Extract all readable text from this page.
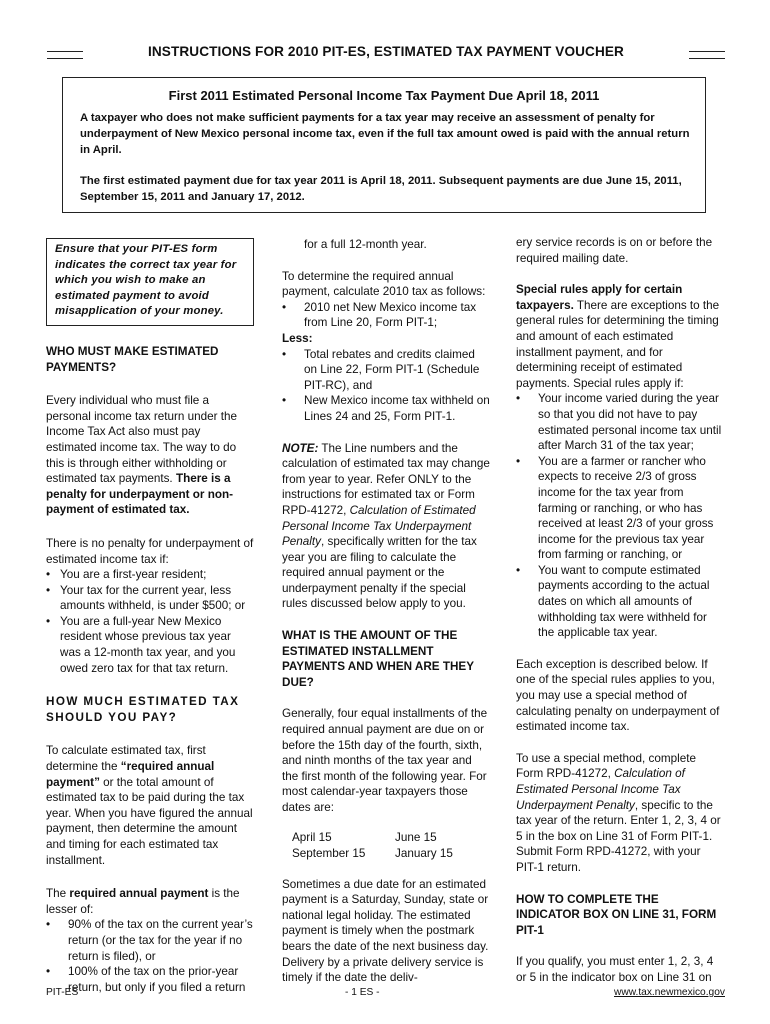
INSTRUCTIONS FOR 2010 PIT-ES, ESTIMATED TAX PAYMENT VOUCHER
First 2011 Estimated Personal Income Tax Payment Due April 18, 2011
A taxpayer who does not make sufficient payments for a tax year may receive an assessment of penalty for underpayment of New Mexico personal income tax, even if the full tax amount owed is paid with the annual return in April.
The first estimated payment due for tax year 2011 is April 18, 2011. Subsequent payments are due June 15, 2011, September 15, 2011 and January 17, 2012.
Ensure that your PIT-ES form indicates the correct tax year for which you wish to make an estimated payment to avoid misapplication of your money.

WHO MUST MAKE ESTIMATED PAYMENTS?

Every individual who must file a personal income tax return under the Income Tax Act also must pay estimated income tax. The way to do this is through either withholding or estimated tax payments. There is a penalty for underpayment or non-payment of estimated tax.

There is no penalty for underpayment of estimated income tax if:

• You are a first-year resident;
• Your tax for the current year, less amounts withheld, is under $500; or
• You are a full-year New Mexico resident whose previous tax year was a 12-month tax year, and you owed zero tax for that tax return.

HOW MUCH ESTIMATED TAX SHOULD YOU PAY?

To calculate estimated tax, first determine the “required annual payment” or the total amount of estimated tax to be paid during the tax year. When you have figured the annual payment, then determine the amount and timing for each estimated tax installment.

The required annual payment is the lesser of:

• 90% of the tax on the current year’s return (or the tax for the year if no return is filed), or
• 100% of the tax on the prior-year return, but only if you filed a return

for a full 12-month year.

To determine the required annual payment, calculate 2010 tax as follows:

• 2010 net New Mexico income tax from Line 20, Form PIT-1;

Less:

• Total rebates and credits claimed on Line 22, Form PIT-1 (Schedule PIT-RC), and
• New Mexico income tax withheld on Lines 24 and 25, Form PIT-1.

NOTE: The Line numbers and the calculation of estimated tax may change from year to year. Refer ONLY to the instructions for estimated tax or Form RPD-41272, Calculation of Estimated Personal Income Tax Underpayment Penalty, specifically written for the tax year you are filing to calculate the required annual payment or the underpayment penalty if the special rules discussed below apply to you.

WHAT IS THE AMOUNT OF THE ESTIMATED INSTALLMENT PAYMENTS AND WHEN ARE THEY DUE?

Generally, four equal installments of the required annual payment are due on or before the 15th day of the fourth, sixth, and ninth months of the tax year and the first month of the following year. For most calendar-year taxpayers those dates are:

April 15	June 15
September 15	January 15

Sometimes a due date for an estimated payment is a Saturday, Sunday, state or national legal holiday. The estimated payment is timely when the postmark bears the date of the next business day. Delivery by a private delivery service is timely if the date the deliv-

ery service records is on or before the required mailing date.

Special rules apply for certain taxpayers. There are exceptions to the general rules for determining the timing and amount of each estimated installment payment, and for determining receipt of estimated payments. Special rules apply if:

• Your income varied during the year so that you did not have to pay estimated personal income tax until after March 31 of the tax year;
• You are a farmer or rancher who expects to receive 2/3 of gross income for the tax year from farming or ranching, or who has received at least 2/3 of your gross income for the previous tax year from farming or ranching, or
• You want to compute estimated payments according to the actual dates on which all amounts of withholding tax were withheld for the applicable tax year.

Each exception is described below. If one of the special rules applies to you, you may use a special method of calculating penalty on underpayment of estimated income tax.

To use a special method, complete Form RPD-41272, Calculation of Estimated Personal Income Tax Underpayment Penalty, specific to the tax year of the return. Enter 1, 2, 3, 4 or 5 in the box on Line 31 of Form PIT-1. Submit Form RPD-41272, with your PIT-1 return.

HOW TO COMPLETE THE INDICATOR BOX ON LINE 31, FORM PIT-1

If you qualify, you must enter 1, 2, 3, 4 or 5 in the indicator box on Line 31 on

PIT-ES	- 1 ES -	www.tax.newmexico.gov
